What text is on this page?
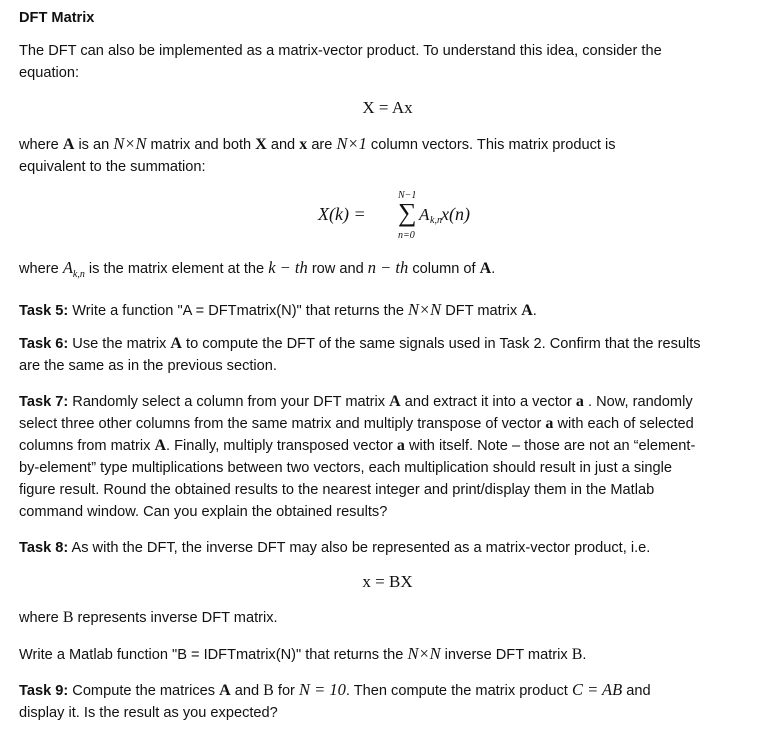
DFT Matrix
The DFT can also be implemented as a matrix-vector product. To understand this idea, consider the
equation:
X = Ax
where A is an N×N matrix and both X and x are N×1 column vectors. This matrix product is
equivalent to the summation:
X(k) =
N−1
∑
n=0
A k,n x(n)
where $A_{k,n}$ is the matrix element at the k − th row and n − th column of A.
Task 5: Write a function "A = DFTmatrix(N)" that returns the N×N DFT matrix A.
Task 6: Use the matrix A to compute the DFT of the same signals used in Task 2. Confirm that the results
are the same as in the previous section.
Task 7: Randomly select a column from your DFT matrix A and extract it into a vector a . Now, randomly
select three other columns from the same matrix and multiply transpose of vector a with each of selected
columns from matrix A. Finally, multiply transposed vector a with itself. Note – those are not an “element-
by-element” type multiplications between two vectors, each multiplication should result in just a single
figure result. Round the obtained results to the nearest integer and print/display them in the Matlab
command window. Can you explain the obtained results?
Task 8: As with the DFT, the inverse DFT may also be represented as a matrix-vector product, i.e.
x = BX
where B represents inverse DFT matrix.
Write a Matlab function "B = IDFTmatrix(N)" that returns the N×N inverse DFT matrix B.
Task 9: Compute the matrices A and B for N = 10. Then compute the matrix product C = AB and
display it. Is the result as you expected?
